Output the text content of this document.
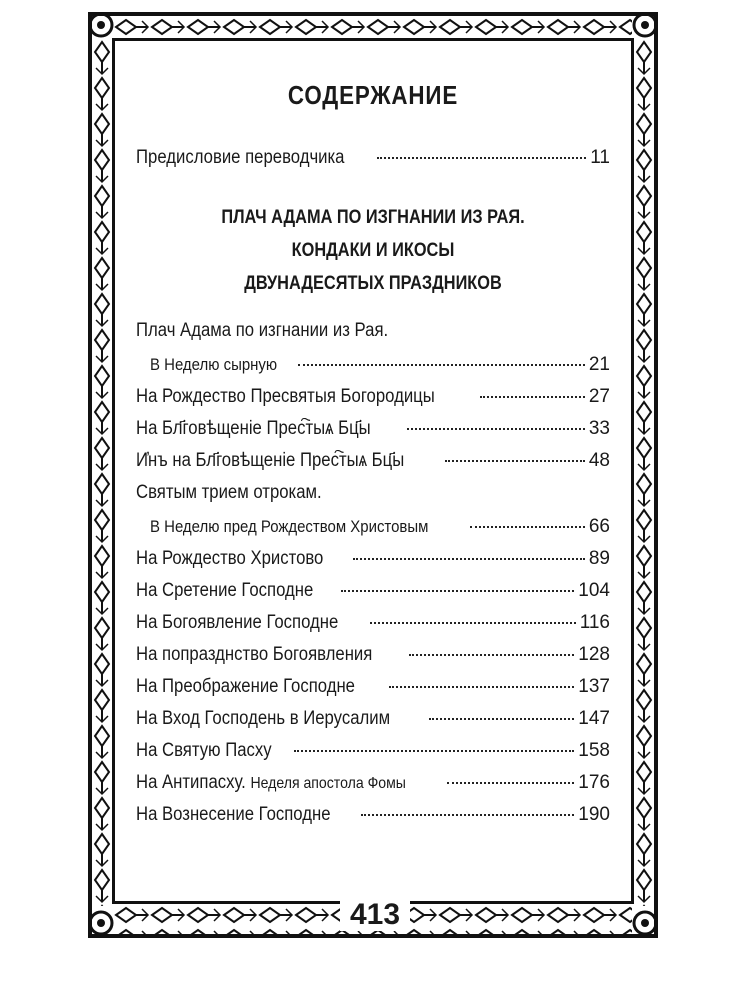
СОДЕРЖАНИЕ
Предисловие переводчика	11
ПЛАЧ АДАМА ПО ИЗГНАНИИ ИЗ РАЯ.
КОНДАКИ И ИКОСЫ
ДВУНАДЕСЯТЫХ ПРАЗДНИКОВ
Плач Адама по изгнании из Рая.
В Неделю сырную	21
На Рождество Пресвятыя Богородицы	27
На Бл҃говѣщеніе Прес҇тыѧ Бц҃ы	33
И҆нъ на Бл҃говѣщеніе Прес҇тыѧ Бц҃ы	48
Святым трием отрокам.
В Неделю пред Рождеством Христовым	66
На Рождество Христово	89
На Сретение Господне	104
На Богоявление Господне	116
На попразднство Богоявления	128
На Преображение Господне	137
На Вход Господень в Иерусалим	147
На Святую Пасху	158
На Антипасху. Неделя апостола Фомы	176
На Вознесение Господне	190
413
